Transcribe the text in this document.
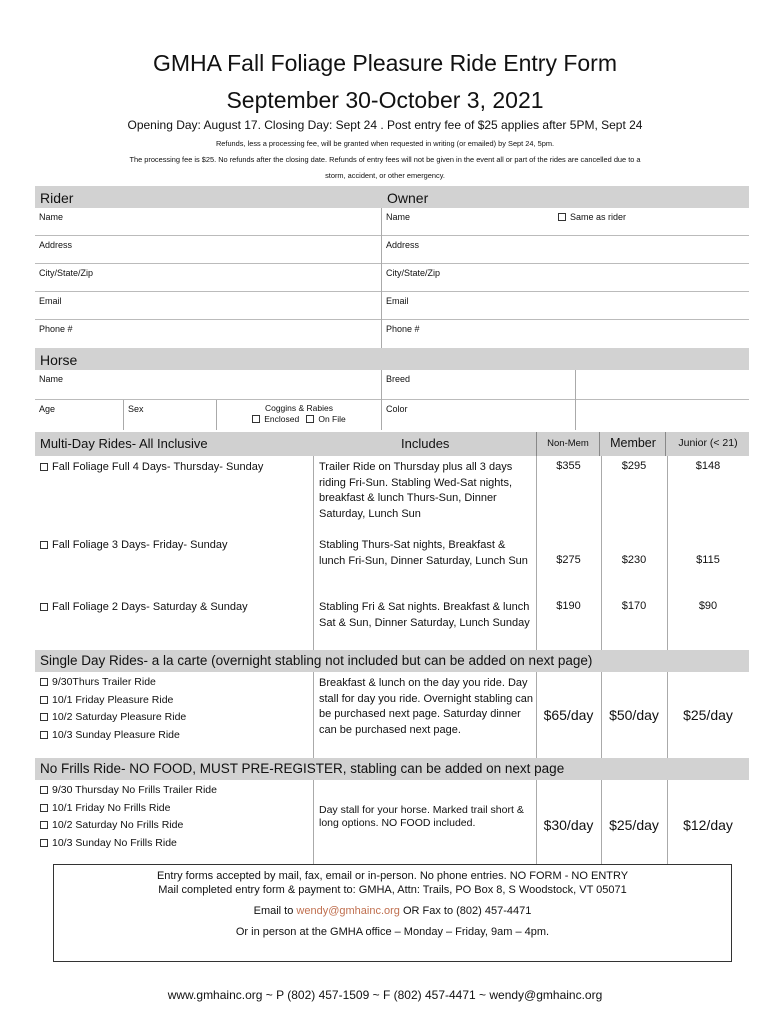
GMHA Fall Foliage Pleasure Ride Entry Form
September 30-October 3, 2021
Opening Day: August 17. Closing Day: Sept 24 . Post entry fee of $25 applies after 5PM, Sept 24
Refunds, less a processing fee, will be granted when requested in writing (or emailed) by Sept 24, 5pm.
The processing fee is $25. No refunds after the closing date. Refunds of entry fees will not be given in the event all or part of the rides are cancelled due to a
storm, accident, or other emergency.
Rider	Owner
Name	Name	Same as rider
Address	Address
City/State/Zip	City/State/Zip
Email	Email
Phone #	Phone #
Horse
Name	Breed
Age	Sex	Coggins & Rabies
Enclosed On File
Color
Multi-Day Rides- All Inclusive	Includes	Non-Mem	Member	Junior (< 21)
Fall Foliage Full 4 Days- Thursday- Sunday	Trailer Ride on Thursday plus all 3 days riding Fri-Sun. Stabling Wed-Sat nights, breakfast & lunch Thurs-Sun, Dinner Saturday, Lunch Sun
$355	$295	$148
Fall Foliage 3 Days- Friday- Sunday	Stabling Thurs-Sat nights, Breakfast & lunch Fri-Sun, Dinner Saturday, Lunch Sun	$275	$230	$115
Fall Foliage 2 Days- Saturday & Sunday	Stabling Fri & Sat nights. Breakfast & lunch Sat & Sun, Dinner Saturday, Lunch Sunday
$190	$170	$90
Single Day Rides- a la carte (overnight stabling not included but can be added on next page)
9/30Thurs Trailer Ride
10/1 Friday Pleasure Ride
10/2 Saturday Pleasure Ride
10/3 Sunday Pleasure Ride
Breakfast & lunch on the day you ride. Day stall for day you ride. Overnight stabling can be purchased next page. Saturday dinner can be purchased next page.
$65/day	$50/day	$25/day
No Frills Ride- NO FOOD, MUST PRE-REGISTER, stabling can be added on next page
9/30 Thursday No Frills Trailer Ride
10/1 Friday No Frills Ride
10/2 Saturday No Frills Ride
10/3 Sunday No Frills Ride
Day stall for your horse. Marked trail short & long options. NO FOOD included.	$30/day	$25/day	$12/day
Entry forms accepted by mail, fax, email or in-person. No phone entries. NO FORM - NO ENTRY
Mail completed entry form & payment to: GMHA, Attn: Trails, PO Box 8, S Woodstock, VT 05071
Email to wendy@gmhainc.org OR Fax to (802) 457-4471
Or in person at the GMHA office – Monday – Friday, 9am – 4pm.
www.gmhainc.org ~ P (802) 457-1509 ~ F (802) 457-4471 ~ wendy@gmhainc.org
